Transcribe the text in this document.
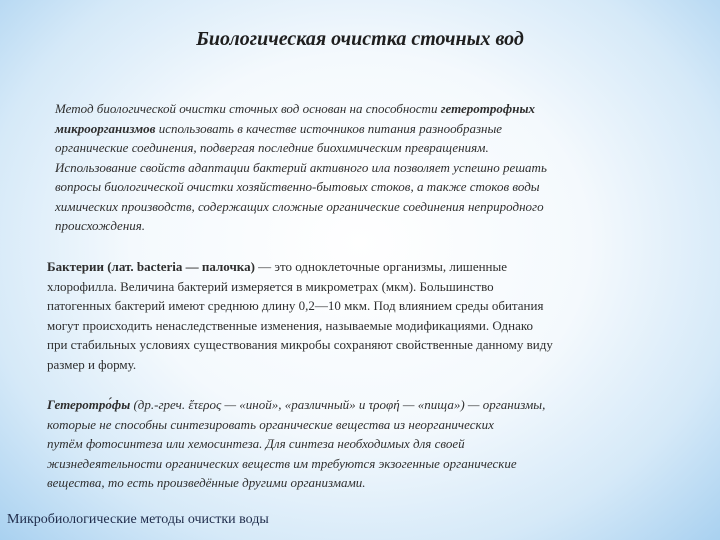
Биологическая очистка сточных вод
Метод биологической очистки сточных вод основан на способности гетеротрофных
микроорганизмов использовать в качестве источников питания разнообразные
органические соединения, подвергая последние биохимическим превращениям.
Использование свойств адаптации бактерий активного ила позволяет успешно решать
вопросы биологической очистки хозяйственно-бытовых стоков, а также стоков воды
химических производств, содержащих сложные органические соединения неприродного
происхождения.
Бактерии (лат. bacteria — палочка) — это одноклеточные организмы, лишенные
хлорофилла. Величина бактерий измеряется в микрометрах (мкм). Большинство
патогенных бактерий имеют среднюю длину 0,2—10 мкм. Под влиянием среды обитания
могут происходить ненаследственные изменения, называемые модификациями. Однако
при стабильных условиях существования микробы сохраняют свойственные данному виду
размер и форму.
Гетеротро́фы (др.-греч. ἕτερος — «иной», «различный» и τροφή — «пища») — организмы,
которые не способны синтезировать органические вещества из неорганических
путём фотосинтеза или хемосинтеза. Для синтеза необходимых для своей
жизнедеятельности органических веществ им требуются экзогенные органические
вещества, то есть произведённые другими организмами.
Микробиологические методы очистки воды
